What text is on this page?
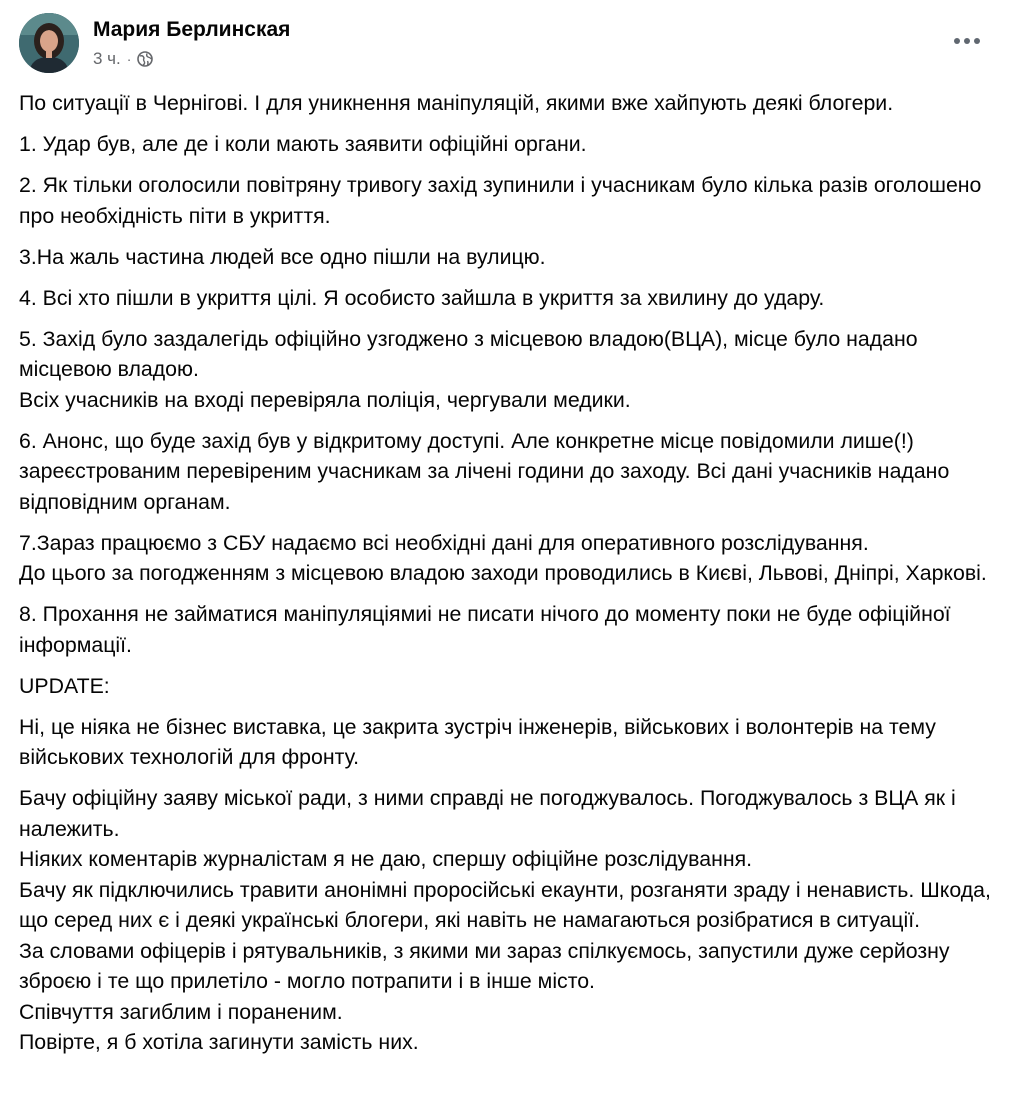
Мария Берлинская
3 ч. ·

По ситуації в Чернігові. І для уникнення маніпуляцій, якими вже хайпують деякі блогери.

1. Удар був, але де і коли мають заявити офіційні органи.

2. Як тільки оголосили повітряну тривогу захід зупинили і учасникам було кілька разів оголошено про необхідність піти в укриття.

3.На жаль частина людей все одно пішли на вулицю.

4. Всі хто пішли в укриття цілі. Я особисто зайшла в укриття за хвилину до удару.

5. Захід було заздалегідь офіційно узгоджено з місцевою владою(ВЦА), місце було надано місцевою владою.
Всіх учасників на вході перевіряла поліція, чергували медики.

6. Анонс, що буде захід був у відкритому доступі. Але конкретне місце повідомили лише(!) зареєстрованим перевіреним учасникам за лічені години до заходу. Всі дані учасників надано відповідним органам.

7.Зараз працюємо з СБУ надаємо всі необхідні дані для оперативного розслідування.
До цього за погодженням з місцевою владою заходи проводились в Києві, Львові, Дніпрі, Харкові.

8. Прохання не займатися маніпуляціямиі не писати нічого до моменту поки не буде офіційної інформації.

UPDATE:

Ні, це ніяка не бізнес виставка, це закрита зустріч інженерів, військових і волонтерів на тему військових технологій для фронту.

Бачу офіційну заяву міської ради, з ними справді не погоджувалось. Погоджувалось з ВЦА як і належить.
Ніяких коментарів журналістам я не даю, спершу офіційне розслідування.
Бачу як підключились травити анонімні проросійські екаунти, розганяти зраду і ненависть. Шкода,  що серед них є і деякі українські блогери, які навіть не намагаються розібратися в ситуації.
За словами офіцерів і рятувальників, з якими ми зараз спілкуємось, запустили дуже серйозну зброєю і те що прилетіло - могло потрапити і в інше місто.
Співчуття загиблим і пораненим.
Повірте, я б хотіла загинути замість них.
